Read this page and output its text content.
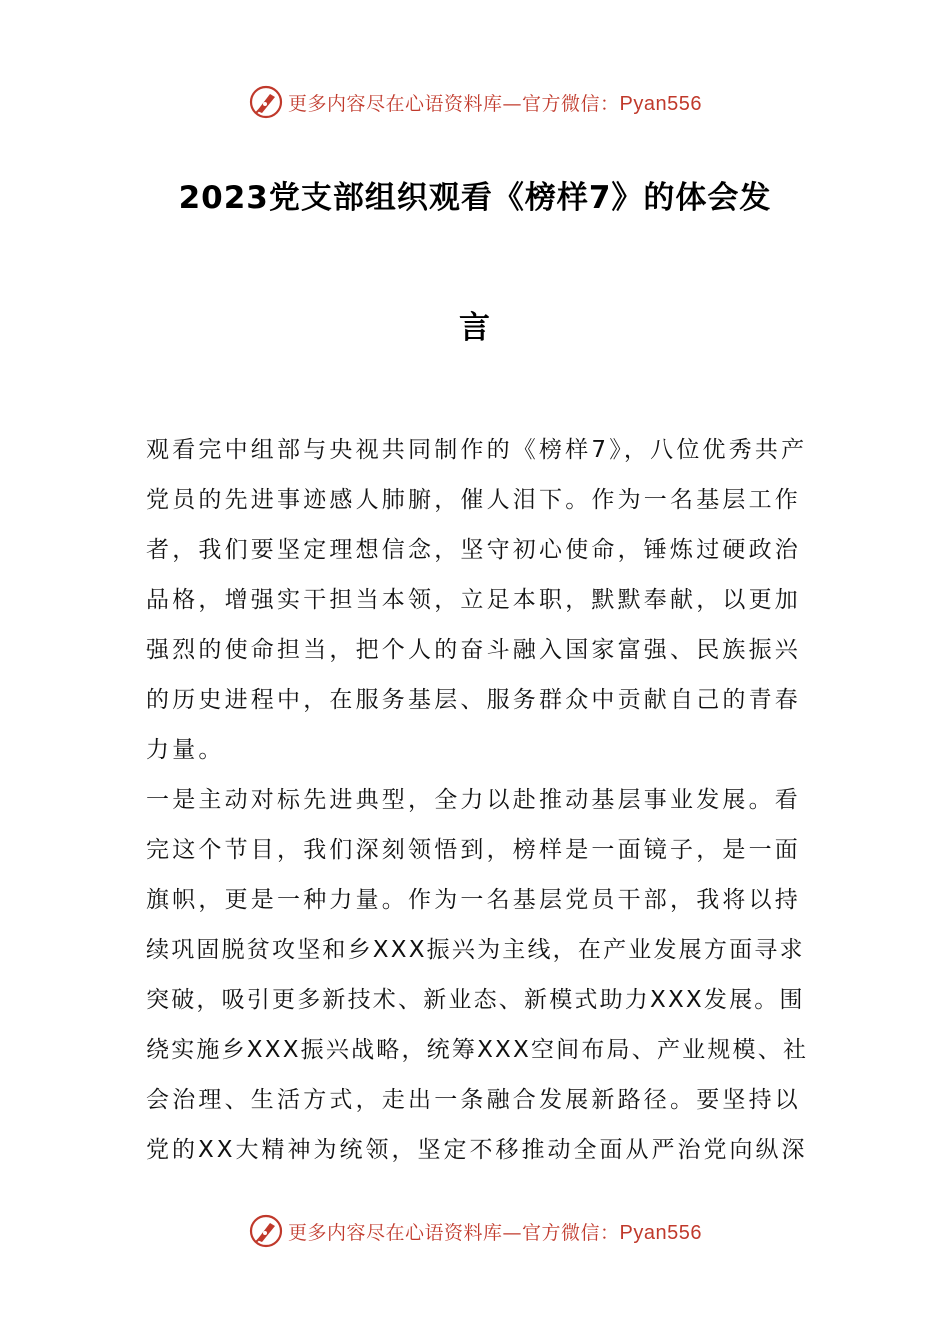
更多内容尽在心语资料库—官方微信：Pyan556
2023党支部组织观看《榜样7》的体会发
言
观看完中组部与央视共同制作的《榜样7》，八位优秀共产
党员的先进事迹感人肺腑，催人泪下。作为一名基层工作
者，我们要坚定理想信念，坚守初心使命，锤炼过硬政治
品格，增强实干担当本领，立足本职，默默奉献，以更加
强烈的使命担当，把个人的奋斗融入国家富强、民族振兴
的历史进程中，在服务基层、服务群众中贡献自己的青春
力量。
一是主动对标先进典型，全力以赴推动基层事业发展。看
完这个节目，我们深刻领悟到，榜样是一面镜子，是一面
旗帜，更是一种力量。作为一名基层党员干部，我将以持
续巩固脱贫攻坚和乡XXX振兴为主线，在产业发展方面寻求
突破，吸引更多新技术、新业态、新模式助力XXX发展。围
绕实施乡XXX振兴战略，统筹XXX空间布局、产业规模、社
会治理、生活方式，走出一条融合发展新路径。要坚持以
党的XX大精神为统领，坚定不移推动全面从严治党向纵深
更多内容尽在心语资料库—官方微信：Pyan556
